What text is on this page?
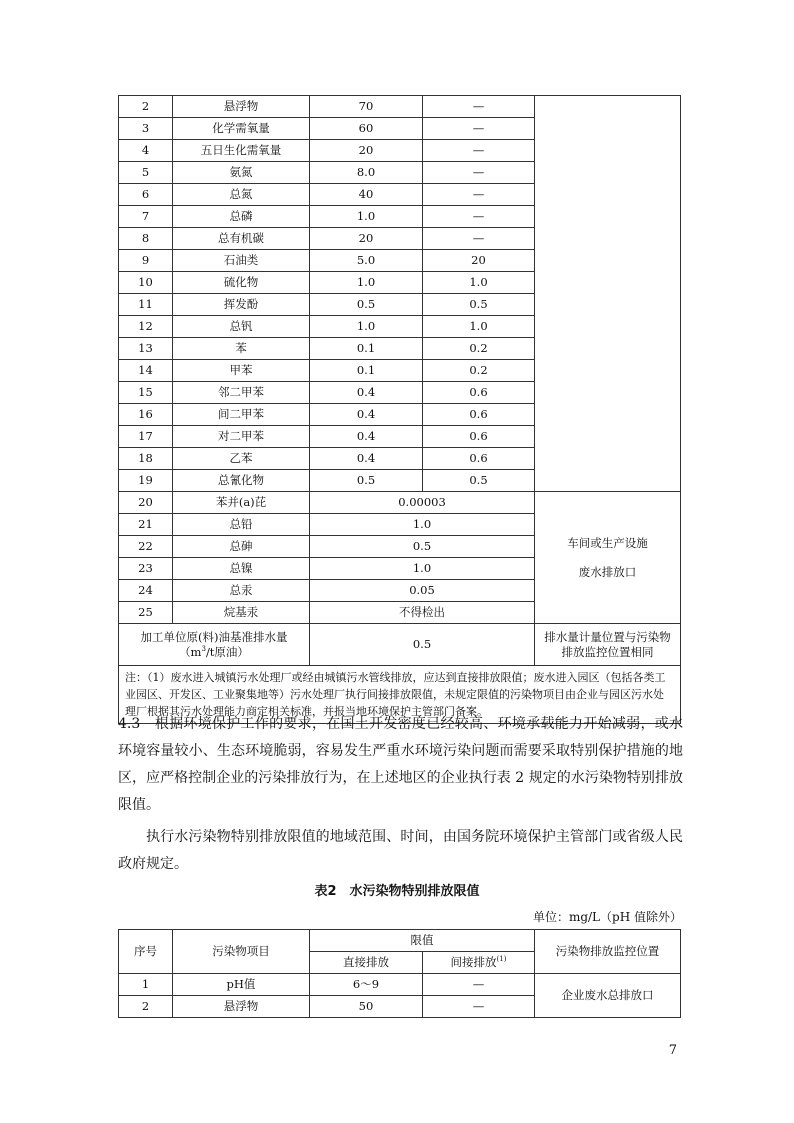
2	悬浮物	70	—	
3	化学需氧量	60	—	
4	五日生化需氧量	20	—	
5	氨氮	8.0	—	
6	总氮	40	—	
7	总磷	1.0	—	
8	总有机碳	20	—	
9	石油类	5.0	20	
10	硫化物	1.0	1.0	
11	挥发酚	0.5	0.5	
12	总钒	1.0	1.0	
13	苯	0.1	0.2	
14	甲苯	0.1	0.2	
15	邻二甲苯	0.4	0.6	
16	间二甲苯	0.4	0.6	
17	对二甲苯	0.4	0.6	
18	乙苯	0.4	0.6	
19	总氰化物	0.5	0.5	
20	苯并(a)芘	0.00003		车间或生产设施

废水排放口
21	总铅	1.0		
22	总砷	0.5		
23	总镍	1.0		
24	总汞	0.05		
25	烷基汞	不得检出		
加工单位原(料)油基准排水量
（$m^3/t$原油）		0.5		排水量计量位置与污染物
排放监控位置相同
注：（1）废水进入城镇污水处理厂或经由城镇污水管线排放，应达到直接排放限值；废水进入园区（包括各类工业园区、开发区、工业聚集地等）污水处理厂执行间接排放限值，未规定限值的污染物项目由企业与园区污水处理厂根据其污水处理能力商定相关标准，并报当地环境保护主管部门备案。				

4.3　 根据环境保护工作的要求，在国土开发密度已经较高、环境承载能力开始减弱，或水环境容量较小、生态环境脆弱，容易发生严重水环境污染问题而需要采取特别保护措施的地区，应严格控制企业的污染排放行为，在上述地区的企业执行表 2 规定的水污染物特别排放限值。

执行水污染物特别排放限值的地域范围、时间，由国务院环境保护主管部门或省级人民政府规定。

表2　水污染物特别排放限值
单位：mg/L（pH 值除外）
序号	污染物项目	限值		污染物排放监控位置
		直接排放	间接排放$^{(1)}$
1	pH值	6～9	—	企业废水总排放口
2	悬浮物	50	—	
7
